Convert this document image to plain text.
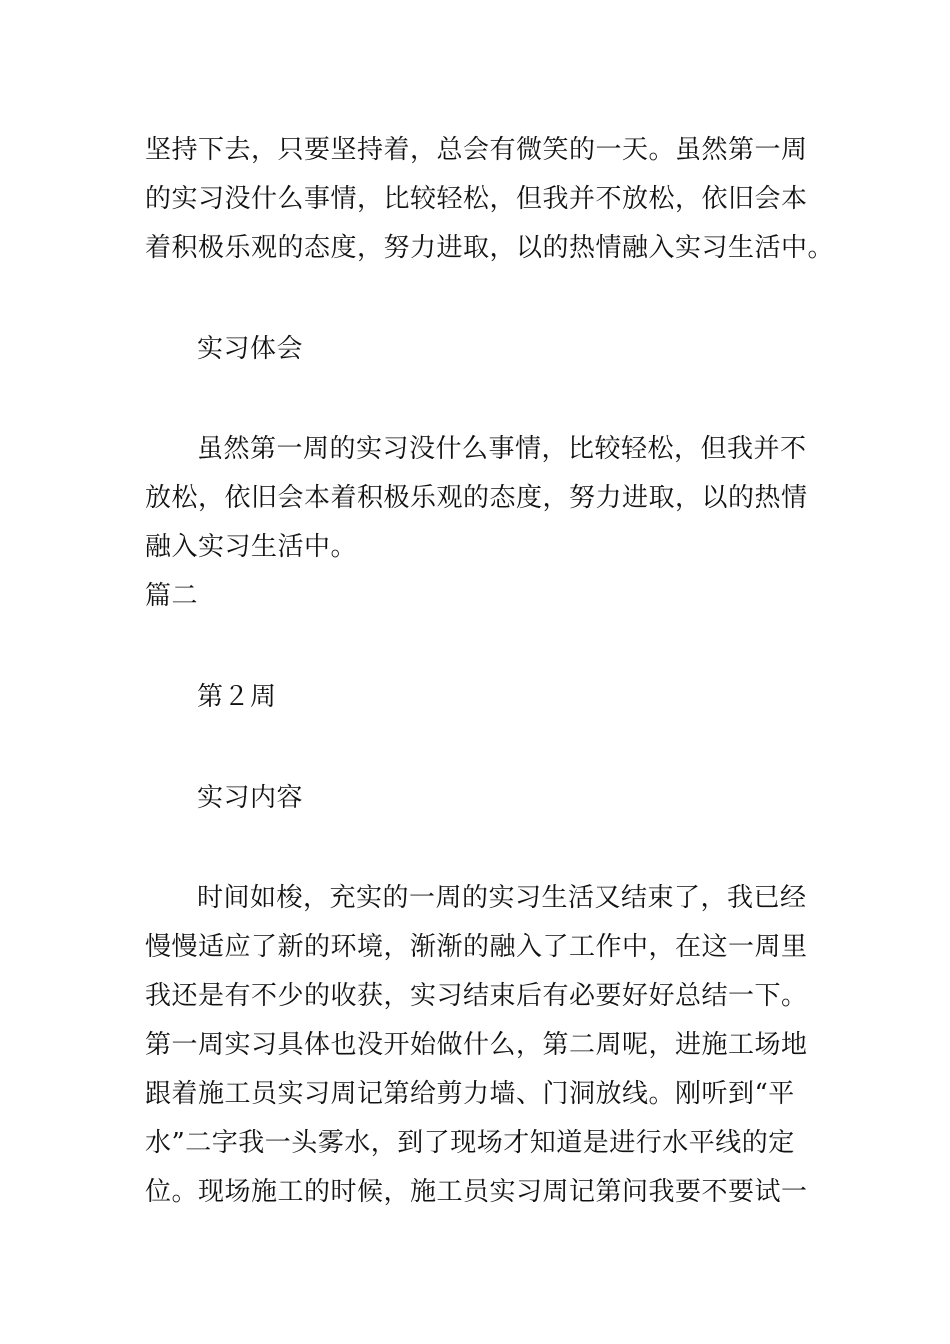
坚持下去，只要坚持着，总会有微笑的一天。虽然第一周
的实习没什么事情，比较轻松，但我并不放松，依旧会本
着积极乐观的态度，努力进取，以的热情融入实习生活中。
实习体会
虽然第一周的实习没什么事情，比较轻松，但我并不
放松，依旧会本着积极乐观的态度，努力进取，以的热情
融入实习生活中。
篇二
第２周
实习内容
时间如梭，充实的一周的实习生活又结束了，我已经
慢慢适应了新的环境，渐渐的融入了工作中，在这一周里
我还是有不少的收获，实习结束后有必要好好总结一下。
第一周实习具体也没开始做什么，第二周呢，进施工场地
跟着施工员实习周记第给剪力墙、门洞放线。刚听到“平
水”二字我一头雾水，到了现场才知道是进行水平线的定
位。现场施工的时候，施工员实习周记第问我要不要试一
